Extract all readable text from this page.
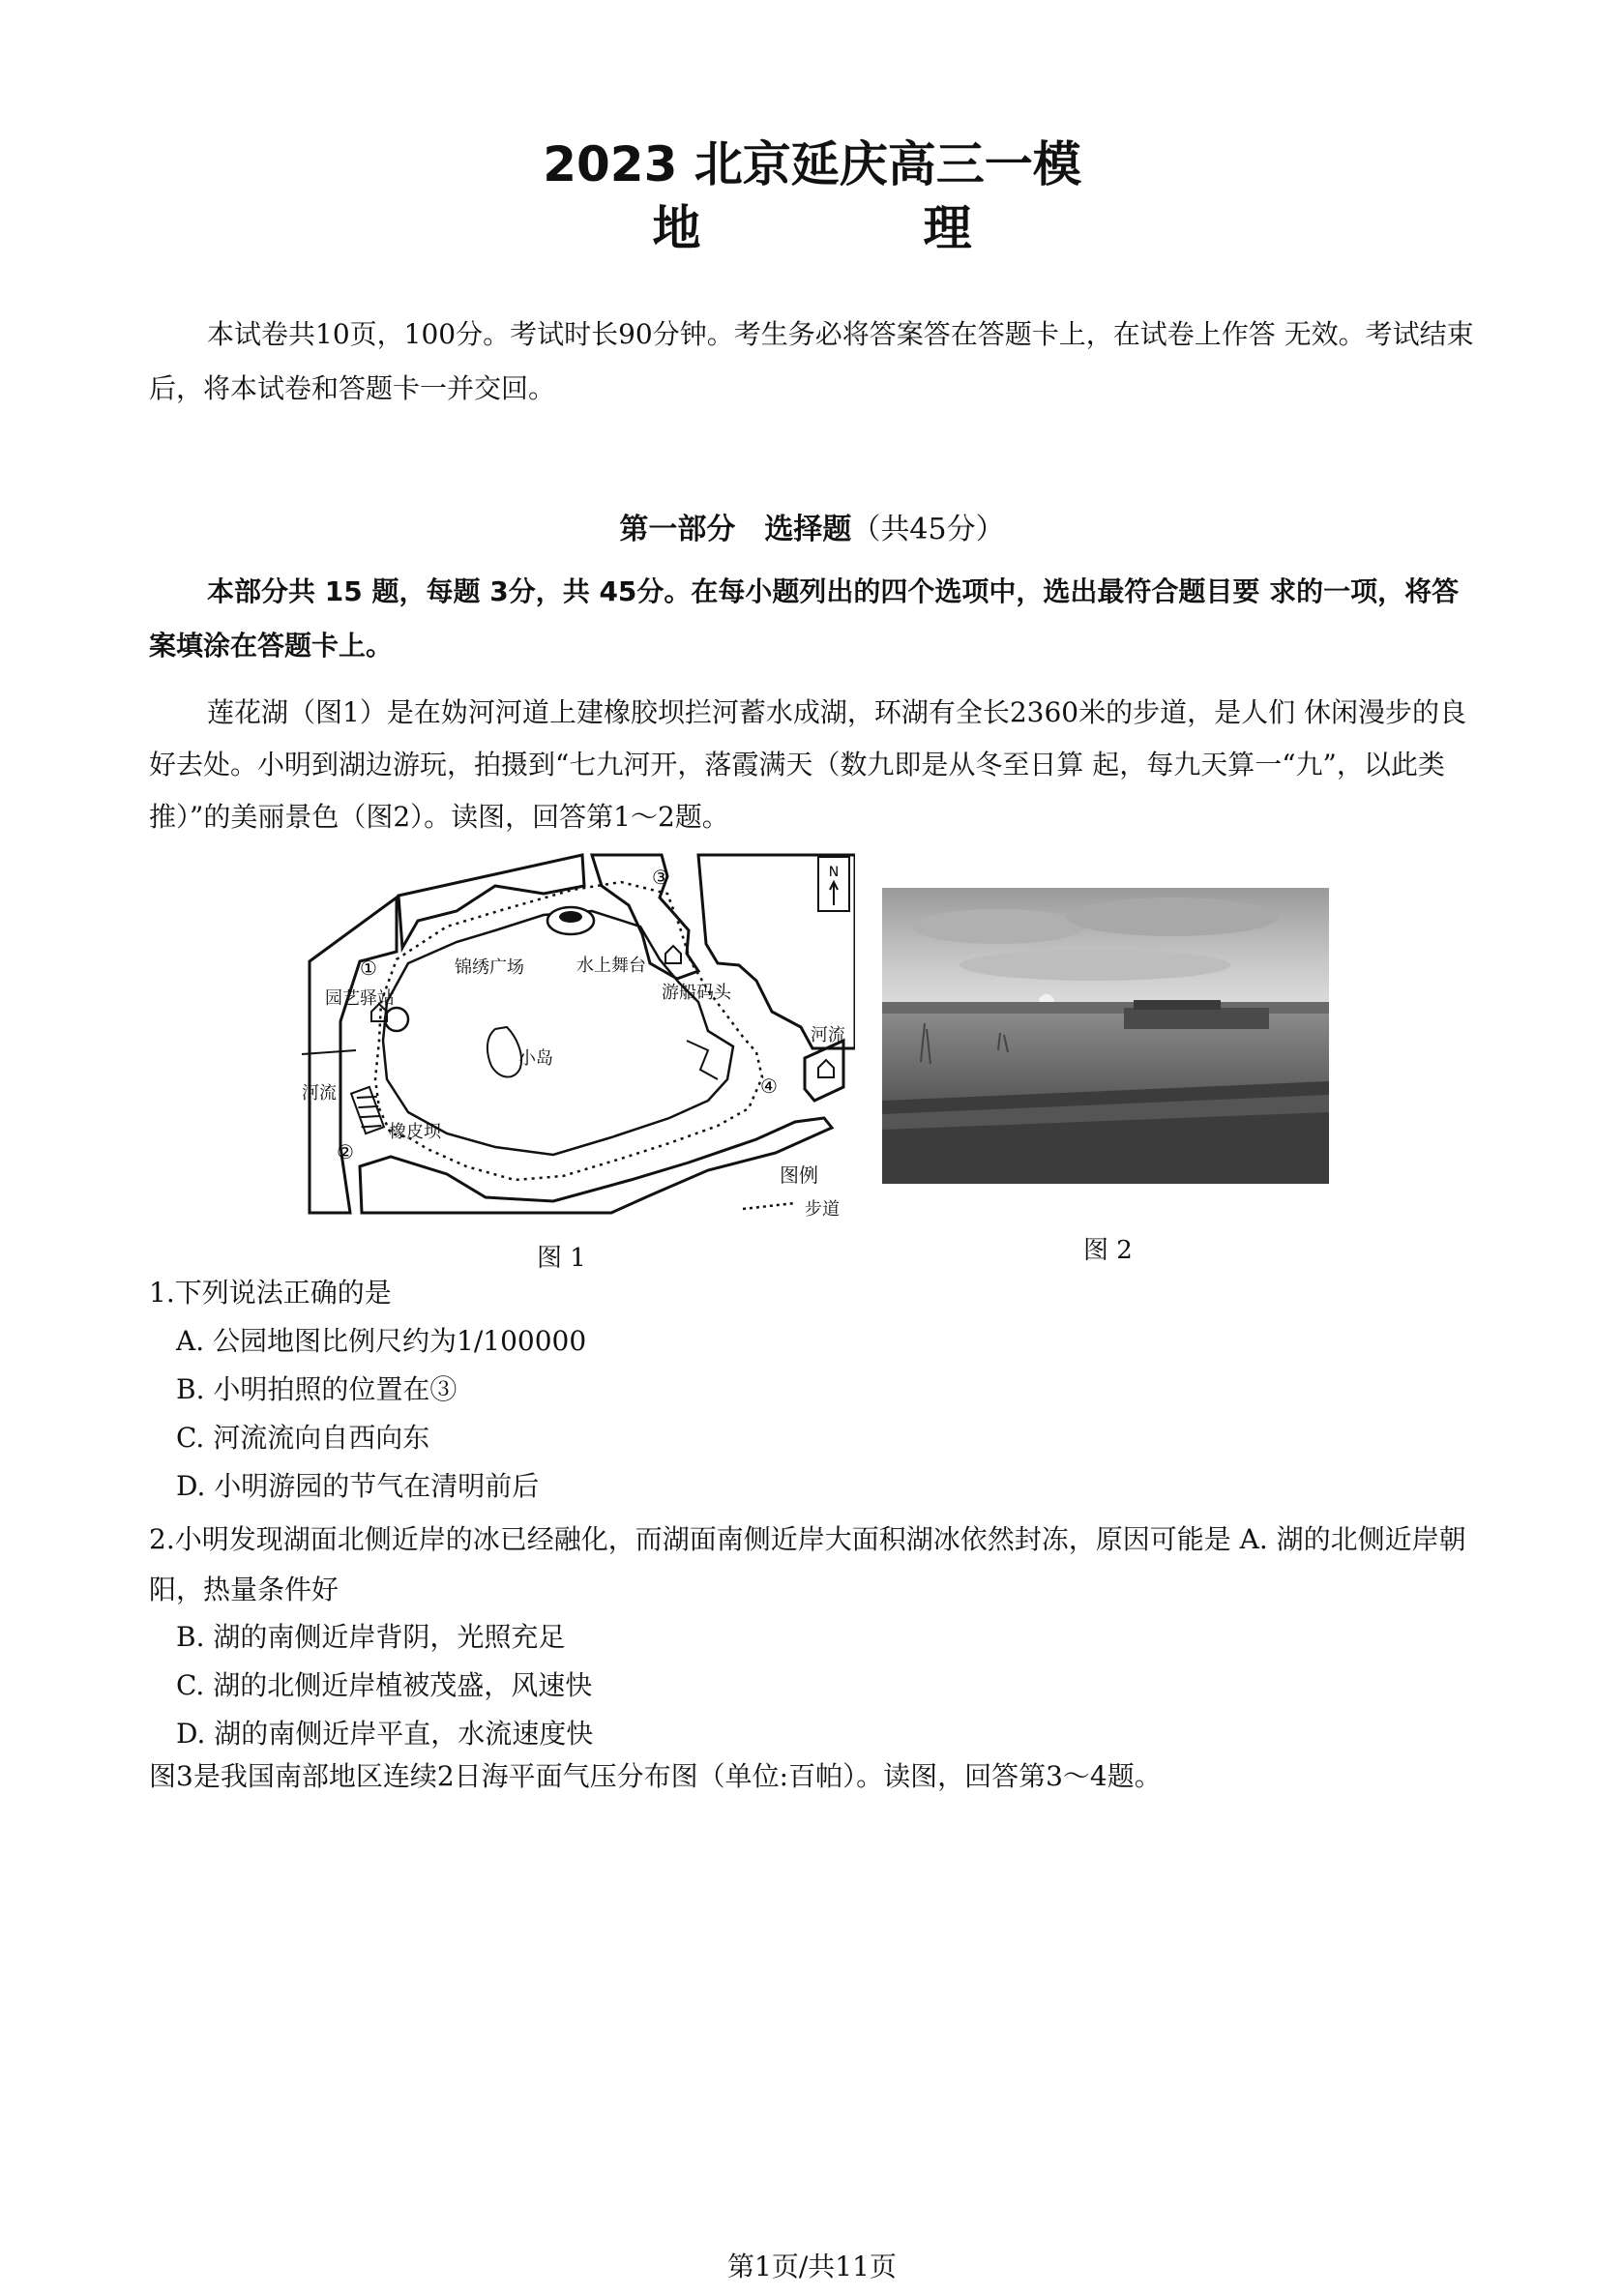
2023 北京延庆高三一模
地　理
本试卷共10页，100分。考试时长90分钟。考生务必将答案答在答题卡上，在试卷上作答 无效。考试结束后，将本试卷和答题卡一并交回。
第一部分　选择题（共45分）
本部分共 15 题，每题 3分，共 45分。在每小题列出的四个选项中，选出最符合题目要 求的一项，将答案填涂在答题卡上。
莲花湖（图1）是在妫河河道上建橡胶坝拦河蓄水成湖，环湖有全长2360米的步道，是人们 休闲漫步的良好去处。小明到湖边游玩，拍摄到“七九河开，落霞满天（数九即是从冬至日算 起，每九天算一“九”，以此类推）”的美丽景色（图2）。读图，回答第1～2题。
N
①
②
③
④
园艺驿站
锦绣广场	水上舞台
游船码头
小岛
橡皮坝
河流
河流
图例
步道
图 1	图 2
1.下列说法正确的是
A. 公园地图比例尺约为1/100000
B. 小明拍照的位置在③
C. 河流流向自西向东
D. 小明游园的节气在清明前后
2.小明发现湖面北侧近岸的冰已经融化，而湖面南侧近岸大面积湖冰依然封冻，原因可能是 A. 湖的北侧近岸朝阳，热量条件好
B. 湖的南侧近岸背阴，光照充足
C. 湖的北侧近岸植被茂盛，风速快
D. 湖的南侧近岸平直，水流速度快
图3是我国南部地区连续2日海平面气压分布图（单位:百帕）。读图，回答第3～4题。
第1页/共11页
